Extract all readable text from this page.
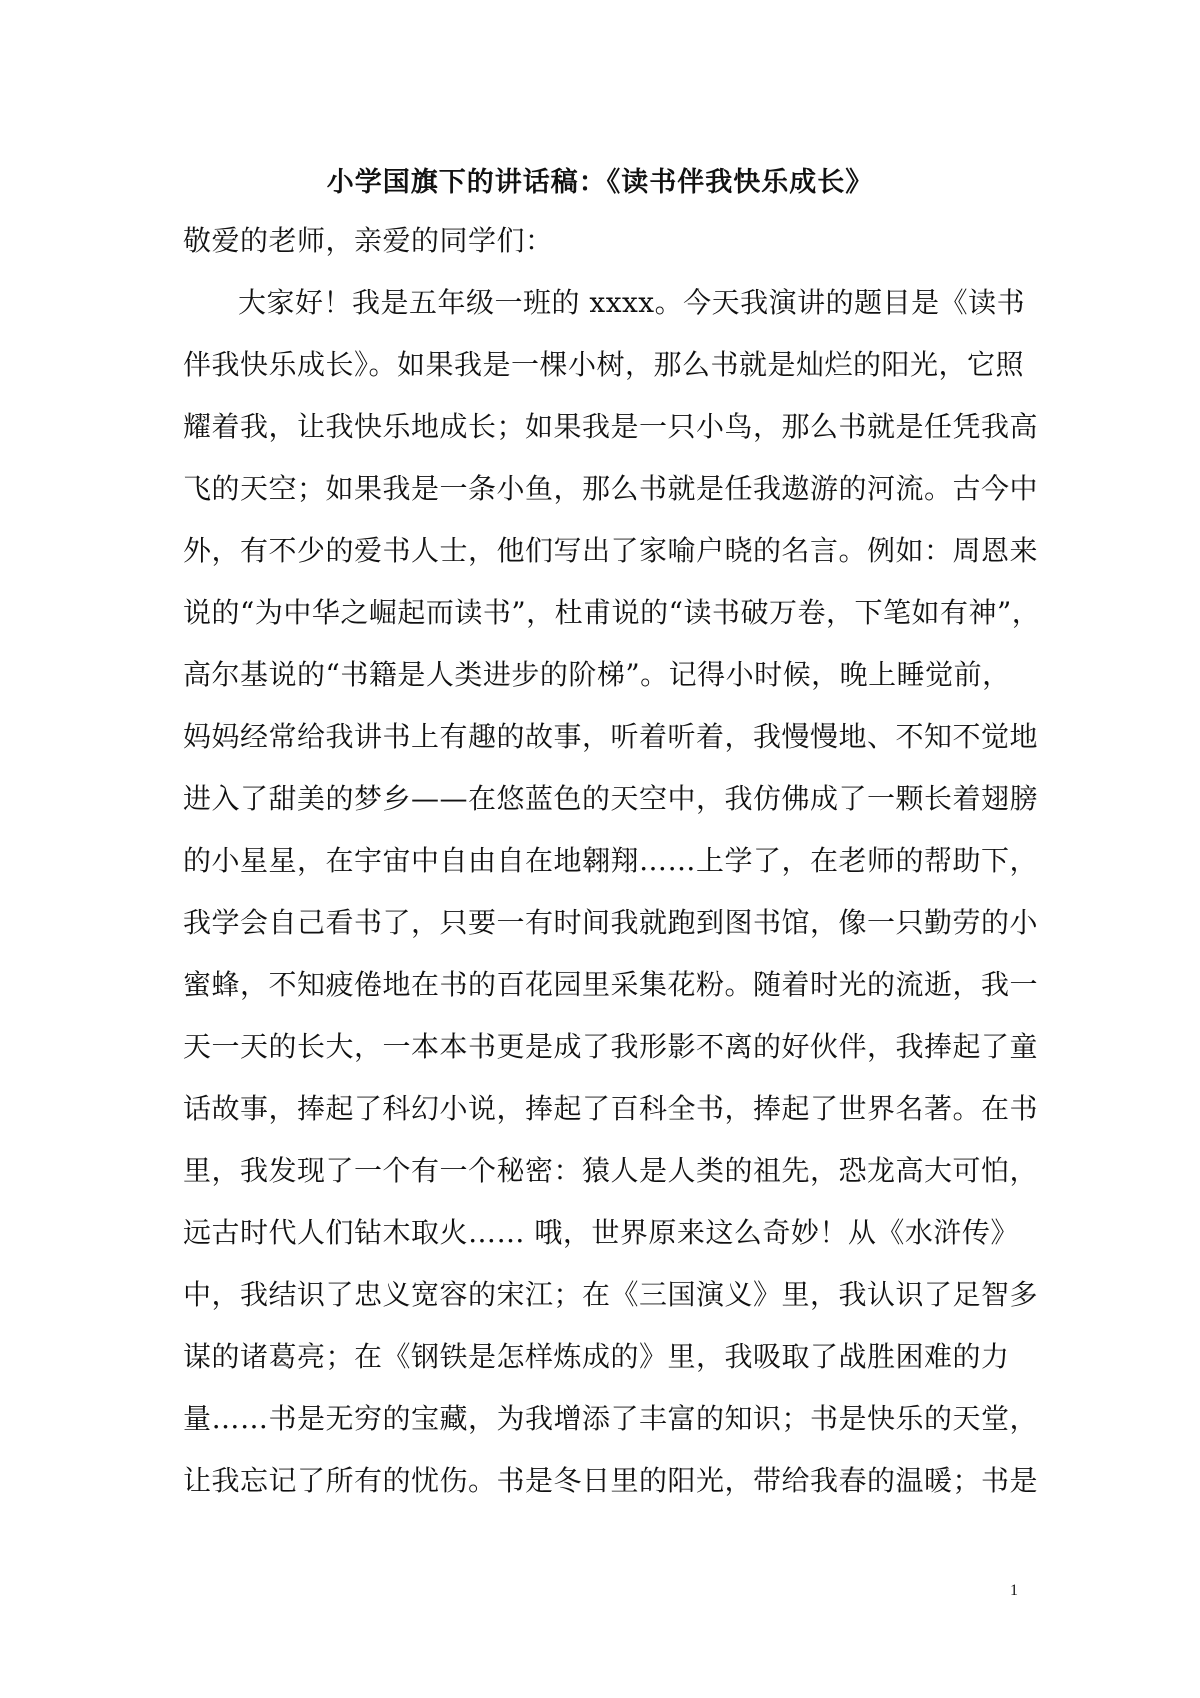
小学国旗下的讲话稿：《读书伴我快乐成长》
敬爱的老师，亲爱的同学们：
大家好！我是五年级一班的 xxxx。今天我演讲的题目是《读书
伴我快乐成长》。如果我是一棵小树，那么书就是灿烂的阳光，它照
耀着我，让我快乐地成长；如果我是一只小鸟，那么书就是任凭我高
飞的天空；如果我是一条小鱼，那么书就是任我遨游的河流。古今中
外，有不少的爱书人士，他们写出了家喻户晓的名言。例如：周恩来
说的“为中华之崛起而读书”，杜甫说的“读书破万卷，下笔如有神”，
高尔基说的“书籍是人类进步的阶梯”。记得小时候，晚上睡觉前，
妈妈经常给我讲书上有趣的故事，听着听着，我慢慢地、不知不觉地
进入了甜美的梦乡——在悠蓝色的天空中，我仿佛成了一颗长着翅膀
的小星星，在宇宙中自由自在地翱翔……上学了，在老师的帮助下，
我学会自己看书了，只要一有时间我就跑到图书馆，像一只勤劳的小
蜜蜂，不知疲倦地在书的百花园里采集花粉。随着时光的流逝，我一
天一天的长大，一本本书更是成了我形影不离的好伙伴，我捧起了童
话故事，捧起了科幻小说，捧起了百科全书，捧起了世界名著。在书
里，我发现了一个有一个秘密：猿人是人类的祖先，恐龙高大可怕，
远古时代人们钻木取火…… 哦，世界原来这么奇妙！从《水浒传》
中，我结识了忠义宽容的宋江；在《三国演义》里，我认识了足智多
谋的诸葛亮；在《钢铁是怎样炼成的》里，我吸取了战胜困难的力
量……书是无穷的宝藏，为我增添了丰富的知识；书是快乐的天堂，
让我忘记了所有的忧伤。书是冬日里的阳光，带给我春的温暖；书是
1
